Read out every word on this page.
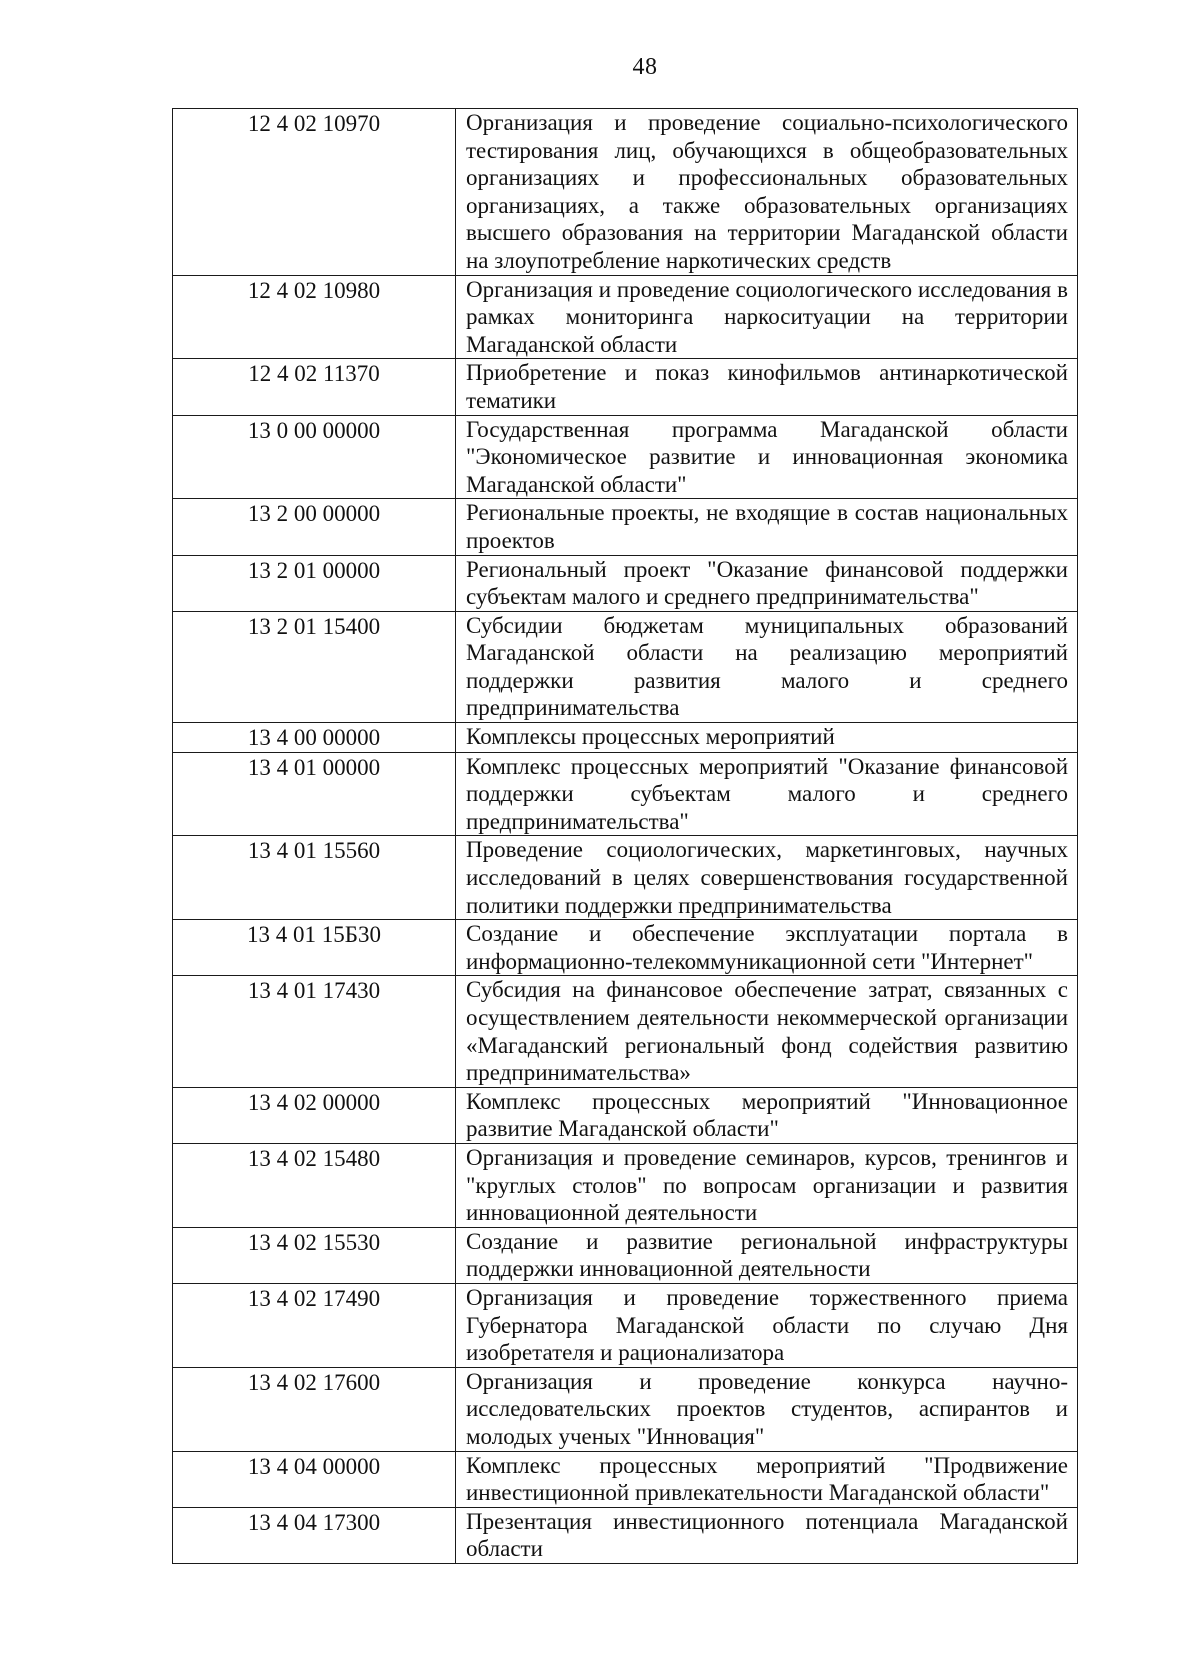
48
12 4 02 10970	Организация и проведение социально-психологического тестирования лиц, обучающихся в общеобразовательных организациях и профессиональных образовательных организациях, а также образовательных организациях высшего образования на территории Магаданской области на злоупотребление наркотических средств
12 4 02 10980	Организация и проведение социологического исследования в рамках мониторинга наркоситуации на территории Магаданской области
12 4 02 11370	Приобретение и показ кинофильмов антинаркотической тематики
13 0 00 00000	Государственная программа Магаданской области "Экономическое развитие и инновационная экономика Магаданской области"
13 2 00 00000	Региональные проекты, не входящие в состав национальных проектов
13 2 01 00000	Региональный проект "Оказание финансовой поддержки субъектам малого и среднего предпринимательства"
13 2 01 15400	Субсидии бюджетам муниципальных образований Магаданской области на реализацию мероприятий поддержки развития малого и среднего предпринимательства
13 4 00 00000	Комплексы процессных мероприятий
13 4 01 00000	Комплекс процессных мероприятий "Оказание финансовой поддержки субъектам малого и среднего предпринимательства"
13 4 01 15560	Проведение социологических, маркетинговых, научных исследований в целях совершенствования государственной политики поддержки предпринимательства
13 4 01 15Б30	Создание и обеспечение эксплуатации портала в информационно-телекоммуникационной сети "Интернет"
13 4 01 17430	Субсидия на финансовое обеспечение затрат, связанных с осуществлением деятельности некоммерческой организации «Магаданский региональный фонд содействия развитию предпринимательства»
13 4 02 00000	Комплекс процессных мероприятий "Инновационное развитие Магаданской области"
13 4 02 15480	Организация и проведение семинаров, курсов, тренингов и "круглых столов" по вопросам организации и развития инновационной деятельности
13 4 02 15530	Создание и развитие региональной инфраструктуры поддержки инновационной деятельности
13 4 02 17490	Организация и проведение торжественного приема Губернатора Магаданской области по случаю Дня изобретателя и рационализатора
13 4 02 17600	Организация и проведение конкурса научно-исследовательских проектов студентов, аспирантов и молодых ученых "Инновация"
13 4 04 00000	Комплекс процессных мероприятий "Продвижение инвестиционной привлекательности Магаданской области"
13 4 04 17300	Презентация инвестиционного потенциала Магаданской области
